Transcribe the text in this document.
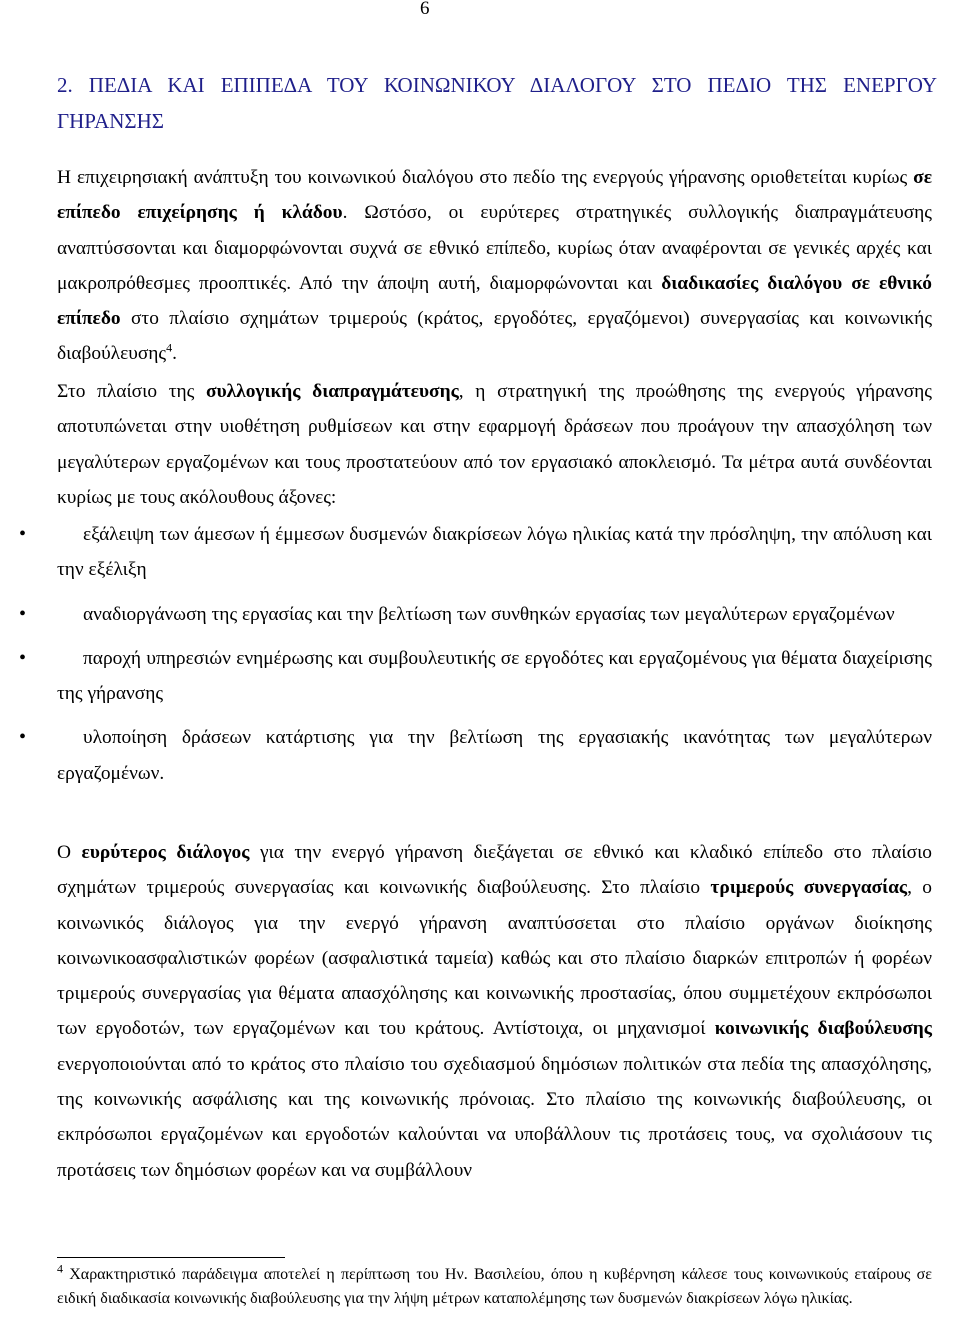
6
2. ΠΕΔΙΑ ΚΑΙ ΕΠΙΠΕΔΑ ΤΟΥ ΚΟΙΝΩΝΙΚΟΥ ΔΙΑΛΟΓΟΥ ΣΤΟ ΠΕΔΙΟ ΤΗΣ ΕΝΕΡΓΟΥ ΓΗΡΑΝΣΗΣ

Η επιχειρησιακή ανάπτυξη του κοινωνικού διαλόγου στο πεδίο της ενεργούς γήρανσης οριοθετείται κυρίως σε επίπεδο επιχείρησης ή κλάδου. Ωστόσο, οι ευρύτερες στρατηγικές συλλογικής διαπραγμάτευσης αναπτύσσονται και διαμορφώνονται συχνά σε εθνικό επίπεδο, κυρίως όταν αναφέρονται σε γενικές αρχές και μακροπρόθεσμες προοπτικές. Από την άποψη αυτή, διαμορφώνονται και διαδικασίες διαλόγου σε εθνικό επίπεδο στο πλαίσιο σχημάτων τριμερούς (κράτος, εργοδότες, εργαζόμενοι) συνεργασίας και κοινωνικής διαβούλευσης$^4$.

Στο πλαίσιο της συλλογικής διαπραγμάτευσης, η στρατηγική της προώθησης της ενεργούς γήρανσης αποτυπώνεται στην υιοθέτηση ρυθμίσεων και στην εφαρμογή δράσεων που προάγουν την απασχόληση των μεγαλύτερων εργαζομένων και τους προστατεύουν από τον εργασιακό αποκλεισμό. Τα μέτρα αυτά συνδέονται κυρίως με τους ακόλουθους άξονες:

• εξάλειψη των άμεσων ή έμμεσων δυσμενών διακρίσεων λόγω ηλικίας κατά την πρόσληψη, την απόλυση και την εξέλιξη
• αναδιοργάνωση της εργασίας και την βελτίωση των συνθηκών εργασίας των μεγαλύτερων εργαζομένων
• παροχή υπηρεσιών ενημέρωσης και συμβουλευτικής σε εργοδότες και εργαζομένους για θέματα διαχείρισης της γήρανσης
• υλοποίηση δράσεων κατάρτισης για την βελτίωση της εργασιακής ικανότητας των μεγαλύτερων εργαζομένων.

Ο ευρύτερος διάλογος για την ενεργό γήρανση διεξάγεται σε εθνικό και κλαδικό επίπεδο στο πλαίσιο σχημάτων τριμερούς συνεργασίας και κοινωνικής διαβούλευσης. Στο πλαίσιο τριμερούς συνεργασίας, ο κοινωνικός διάλογος για την ενεργό γήρανση αναπτύσσεται στο πλαίσιο οργάνων διοίκησης κοινωνικοασφαλιστικών φορέων (ασφαλιστικά ταμεία) καθώς και στο πλαίσιο διαρκών επιτροπών ή φορέων τριμερούς συνεργασίας για θέματα απασχόλησης και κοινωνικής προστασίας, όπου συμμετέχουν εκπρόσωποι των εργοδοτών, των εργαζομένων και του κράτους. Αντίστοιχα, οι μηχανισμοί κοινωνικής διαβούλευσης ενεργοποιούνται από το κράτος στο πλαίσιο του σχεδιασμού δημόσιων πολιτικών στα πεδία της απασχόλησης, της κοινωνικής ασφάλισης και της κοινωνικής πρόνοιας. Στο πλαίσιο της κοινωνικής διαβούλευσης, οι εκπρόσωποι εργαζομένων και εργοδοτών καλούνται να υποβάλλουν τις προτάσεις τους, να σχολιάσουν τις προτάσεις των δημόσιων φορέων και να συμβάλλουν

$^4$ Χαρακτηριστικό παράδειγμα αποτελεί η περίπτωση του Ην. Βασιλείου, όπου η κυβέρνηση κάλεσε τους κοινωνικούς εταίρους σε ειδική διαδικασία κοινωνικής διαβούλευσης για την λήψη μέτρων καταπολέμησης των δυσμενών διακρίσεων λόγω ηλικίας.
